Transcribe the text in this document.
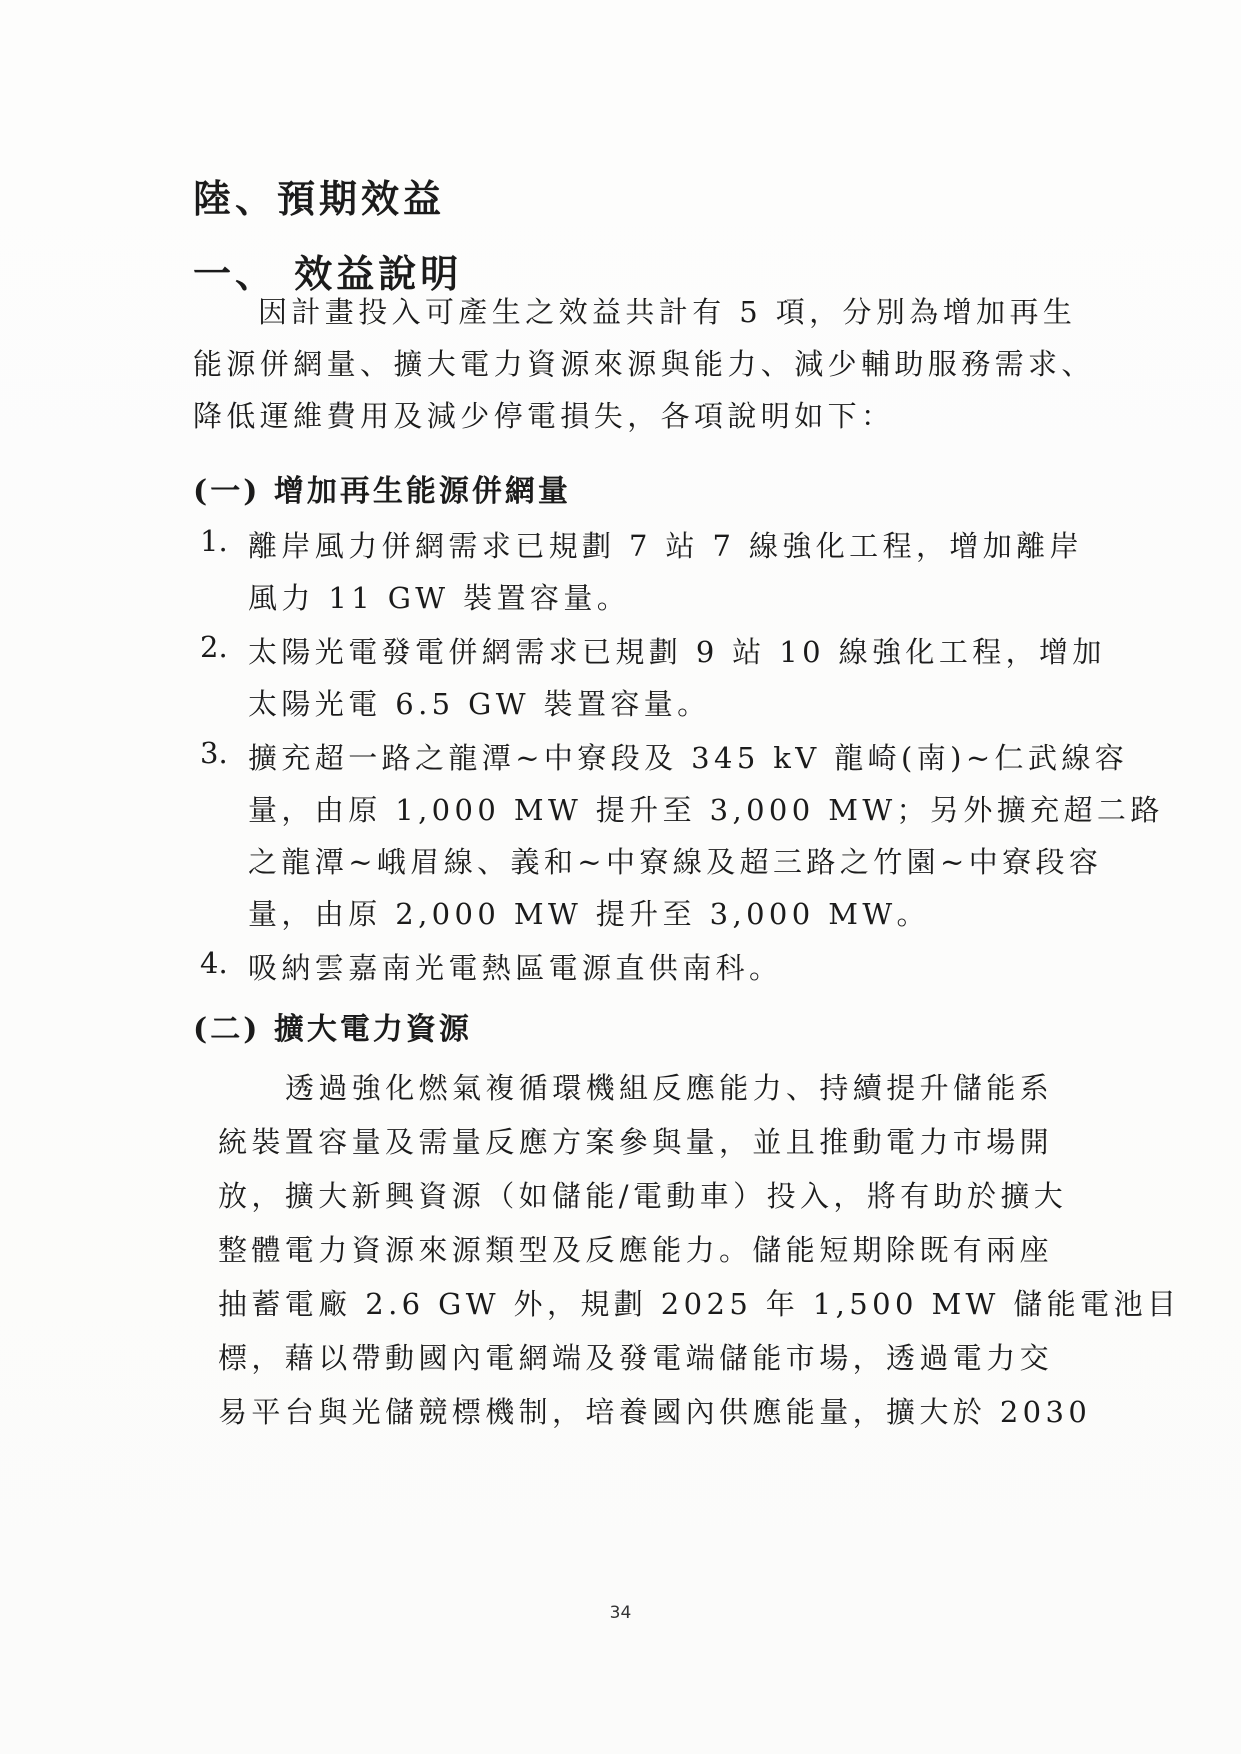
陸、預期效益
一、 效益說明
因計畫投入可產生之效益共計有 5 項，分別為增加再生
能源併網量、擴大電力資源來源與能力、減少輔助服務需求、
降低運維費用及減少停電損失，各項說明如下：
(一) 增加再生能源併網量
1. 離岸風力併網需求已規劃 7 站 7 線強化工程，增加離岸
風力 11 GW 裝置容量。
2. 太陽光電發電併網需求已規劃 9 站 10 線強化工程，增加
太陽光電 6.5 GW 裝置容量。
3. 擴充超一路之龍潭~中寮段及 345 kV 龍崎(南)~仁武線容
量，由原 1,000 MW 提升至 3,000 MW；另外擴充超二路
之龍潭~峨眉線、義和~中寮線及超三路之竹園~中寮段容
量，由原 2,000 MW 提升至 3,000 MW。
4. 吸納雲嘉南光電熱區電源直供南科。
(二) 擴大電力資源
透過強化燃氣複循環機組反應能力、持續提升儲能系
統裝置容量及需量反應方案參與量，並且推動電力市場開
放，擴大新興資源（如儲能/電動車）投入，將有助於擴大
整體電力資源來源類型及反應能力。儲能短期除既有兩座
抽蓄電廠 2.6 GW 外，規劃 2025 年 1,500 MW 儲能電池目
標，藉以帶動國內電網端及發電端儲能市場，透過電力交
易平台與光儲競標機制，培養國內供應能量，擴大於 2030
34
